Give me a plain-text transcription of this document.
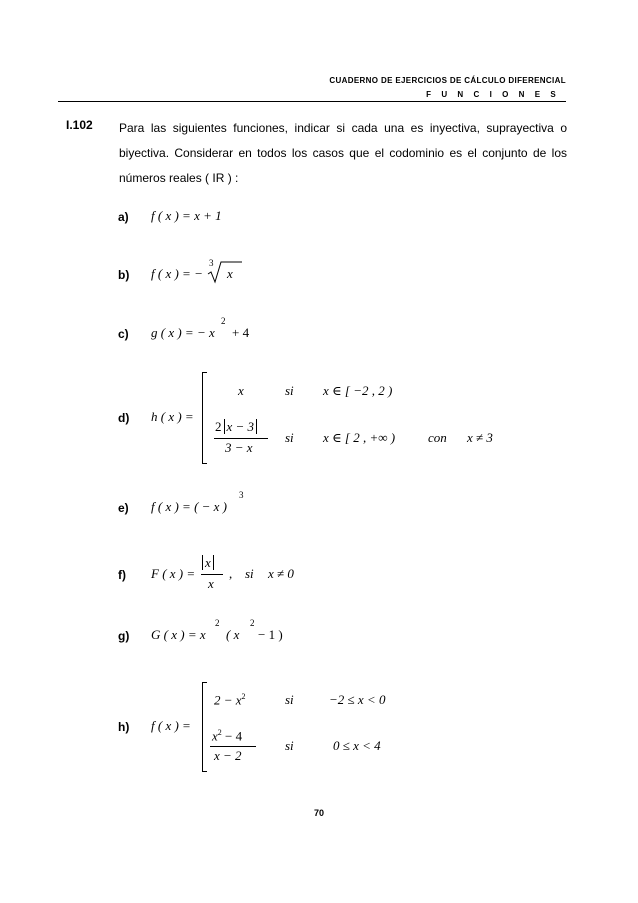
CUADERNO DE EJERCICIOS DE CÁLCULO DIFERENCIAL
FUNCIONES
I.102 Para las siguientes funciones, indicar si cada una es inyectiva, suprayectiva o biyectiva. Considerar en todos los casos que el codominio es el conjunto de los números reales ( IR ) :
a) f ( x ) = x + 1
b) f ( x ) = −
3
x
c) g ( x ) = − x
2
+ 4
d) h ( x ) =
x	si x ∈ [ −2 , 2 )
2 x − 3
3 − x
si x ∈ [ 2 , +∞ )	con x ≠ 3
e) f ( x ) = ( − x )
3
f) F ( x ) =
x
x
, si x ≠ 0
g) G ( x ) = x
2
( x
2
− 1 )
h) f ( x ) =
$2 - x^2$	si	−2 ≤ x < 0
$x^2 - 4$
x − 2
si	0 ≤ x < 4
70
